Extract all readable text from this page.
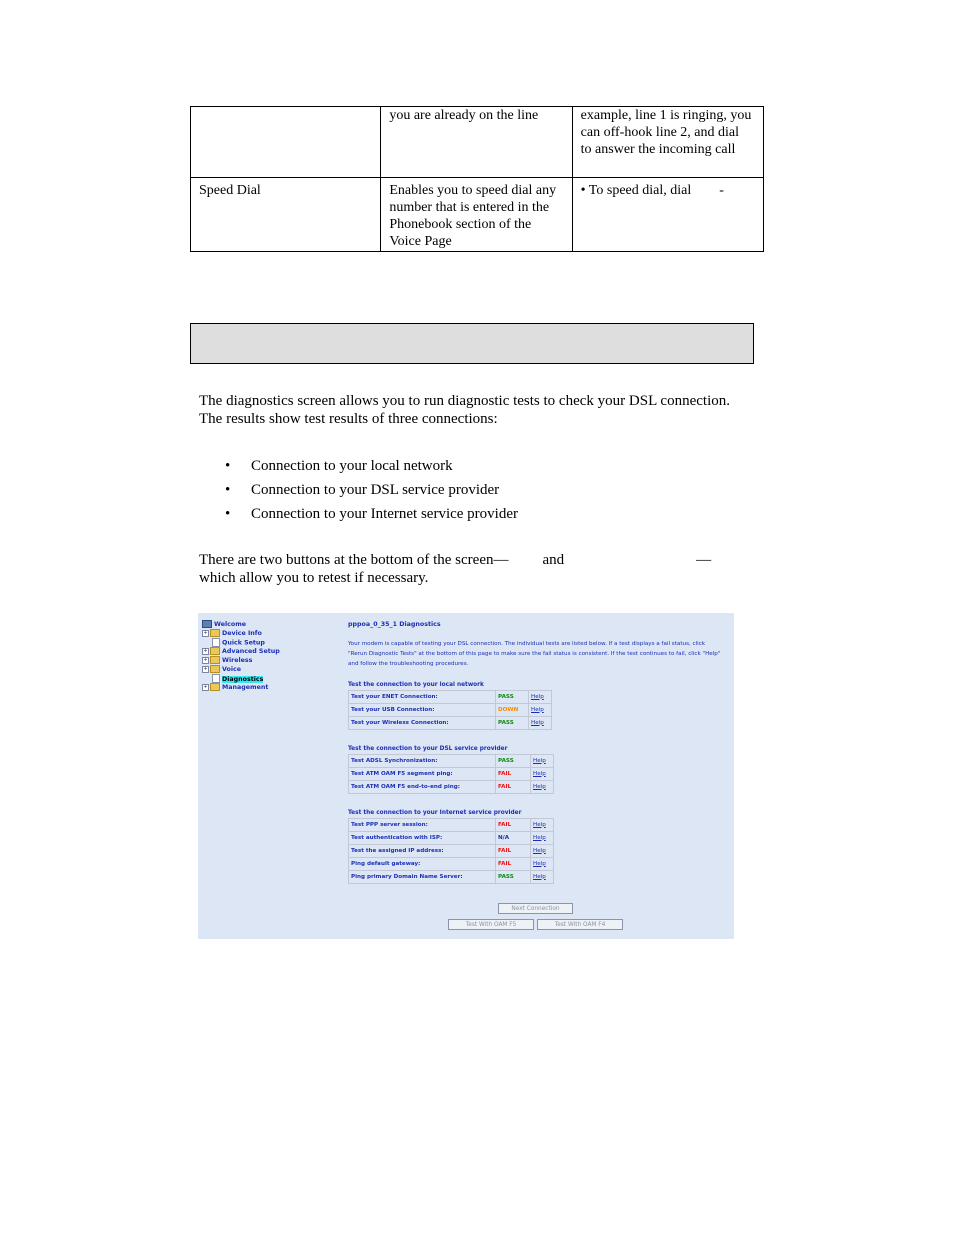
	you are already on the line	example, line 1 is ringing, you can off-hook line 2, and dial        to answer the incoming call
Speed Dial	Enables you to speed dial any number that is entered in the Phonebook section of the Voice Page	• To speed dial, dial        -

The diagnostics screen allows you to run diagnostic tests to check your DSL connection. The results show test results of three connections:

• Connection to your local network
• Connection to your DSL service provider
• Connection to your Internet service provider

There are two buttons at the bottom of the screen— and	—
which allow you to retest if necessary.

Welcome
+ Device Info
Quick Setup
+ Advanced Setup
+ Wireless
+ Voice
Diagnostics
+ Management
pppoa_0_35_1 Diagnostics
Your modem is capable of testing your DSL connection. The individual tests are listed below. If a test displays a fail status, click "Rerun Diagnostic Tests" at the bottom of this page to make sure the fail status is consistent. If the test continues to fail, click "Help" and follow the troubleshooting procedures.
Test the connection to your local network
Test your ENET Connection:	PASS	Help
Test your USB Connection:	DOWN	Help
Test your Wireless Connection:	PASS	Help
Test the connection to your DSL service provider
Test ADSL Synchronization:	PASS	Help
Test ATM OAM F5 segment ping:	FAIL	Help
Test ATM OAM F5 end-to-end ping:	FAIL	Help
Test the connection to your Internet service provider
Test PPP server session:	FAIL	Help
Test authentication with ISP:	N/A	Help
Test the assigned IP address:	FAIL	Help
Ping default gateway:	FAIL	Help
Ping primary Domain Name Server:	PASS	Help
Next Connection
Test With OAM F5	Test With OAM F4
